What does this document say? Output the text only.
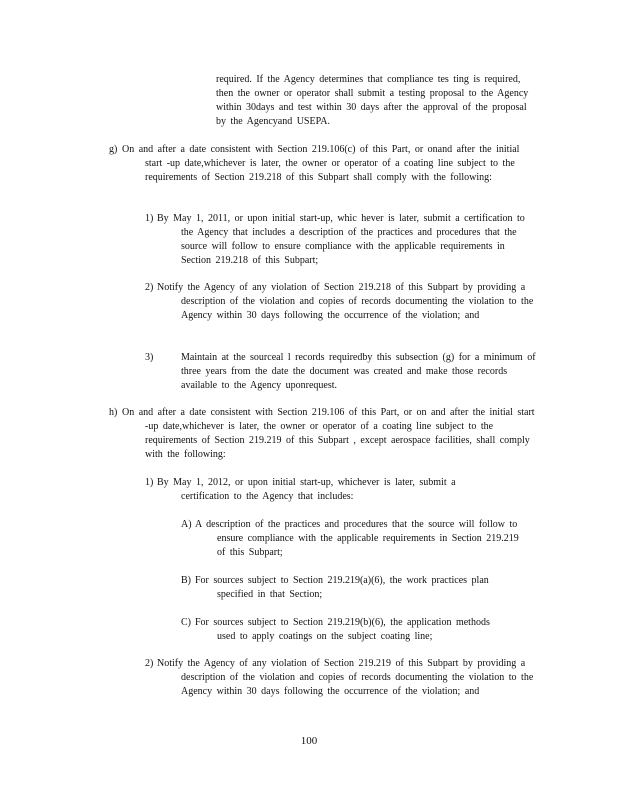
required. If the Agency determines that compliance tes ting is required, then the owner or operator shall submit a testing proposal to the Agency within 30days and test within 30 days after the approval of the proposal by the Agencyand USEPA.

g) On and after a date consistent with Section 219.106(c) of this Part, or onand after the initial start -up date,whichever is later, the owner or operator of a coating line subject to the requirements of Section 219.218 of this Subpart shall comply with the following:

1) By May 1, 2011, or upon initial start-up, whic hever is later, submit a certification to the Agency that includes a description of the practices and procedures that the source will follow to ensure compliance with the applicable requirements in Section 219.218 of this Subpart;

2) Notify the Agency of any violation of Section 219.218 of this Subpart by providing a description of the violation and copies of records documenting the violation to the Agency within 30 days following the occurrence of the violation; and

3)	Maintain at the sourceal l records requiredby this subsection (g) for a minimum of three years from the date the document was created and make those records available to the Agency uponrequest.

h) On and after a date consistent with Section 219.106 of this Part, or on and after the initial start -up date,whichever is later, the owner or operator of a coating line subject to the requirements of Section 219.219 of this Subpart , except aerospace facilities, shall comply with the following:

1) By May 1, 2012, or upon initial start-up, whichever is later, submit a certification to the Agency that includes:

A) A description of the practices and procedures that the source will follow to ensure compliance with the applicable requirements in Section 219.219 of this Subpart;

B) For sources subject to Section 219.219(a)(6), the work practices plan specified in that Section;

C) For sources subject to Section 219.219(b)(6), the application methods used to apply coatings on the subject coating line;

2) Notify the Agency of any violation of Section 219.219 of this Subpart by providing a description of the violation and copies of records documenting the violation to the Agency within 30 days following the occurrence of the violation; and

100
